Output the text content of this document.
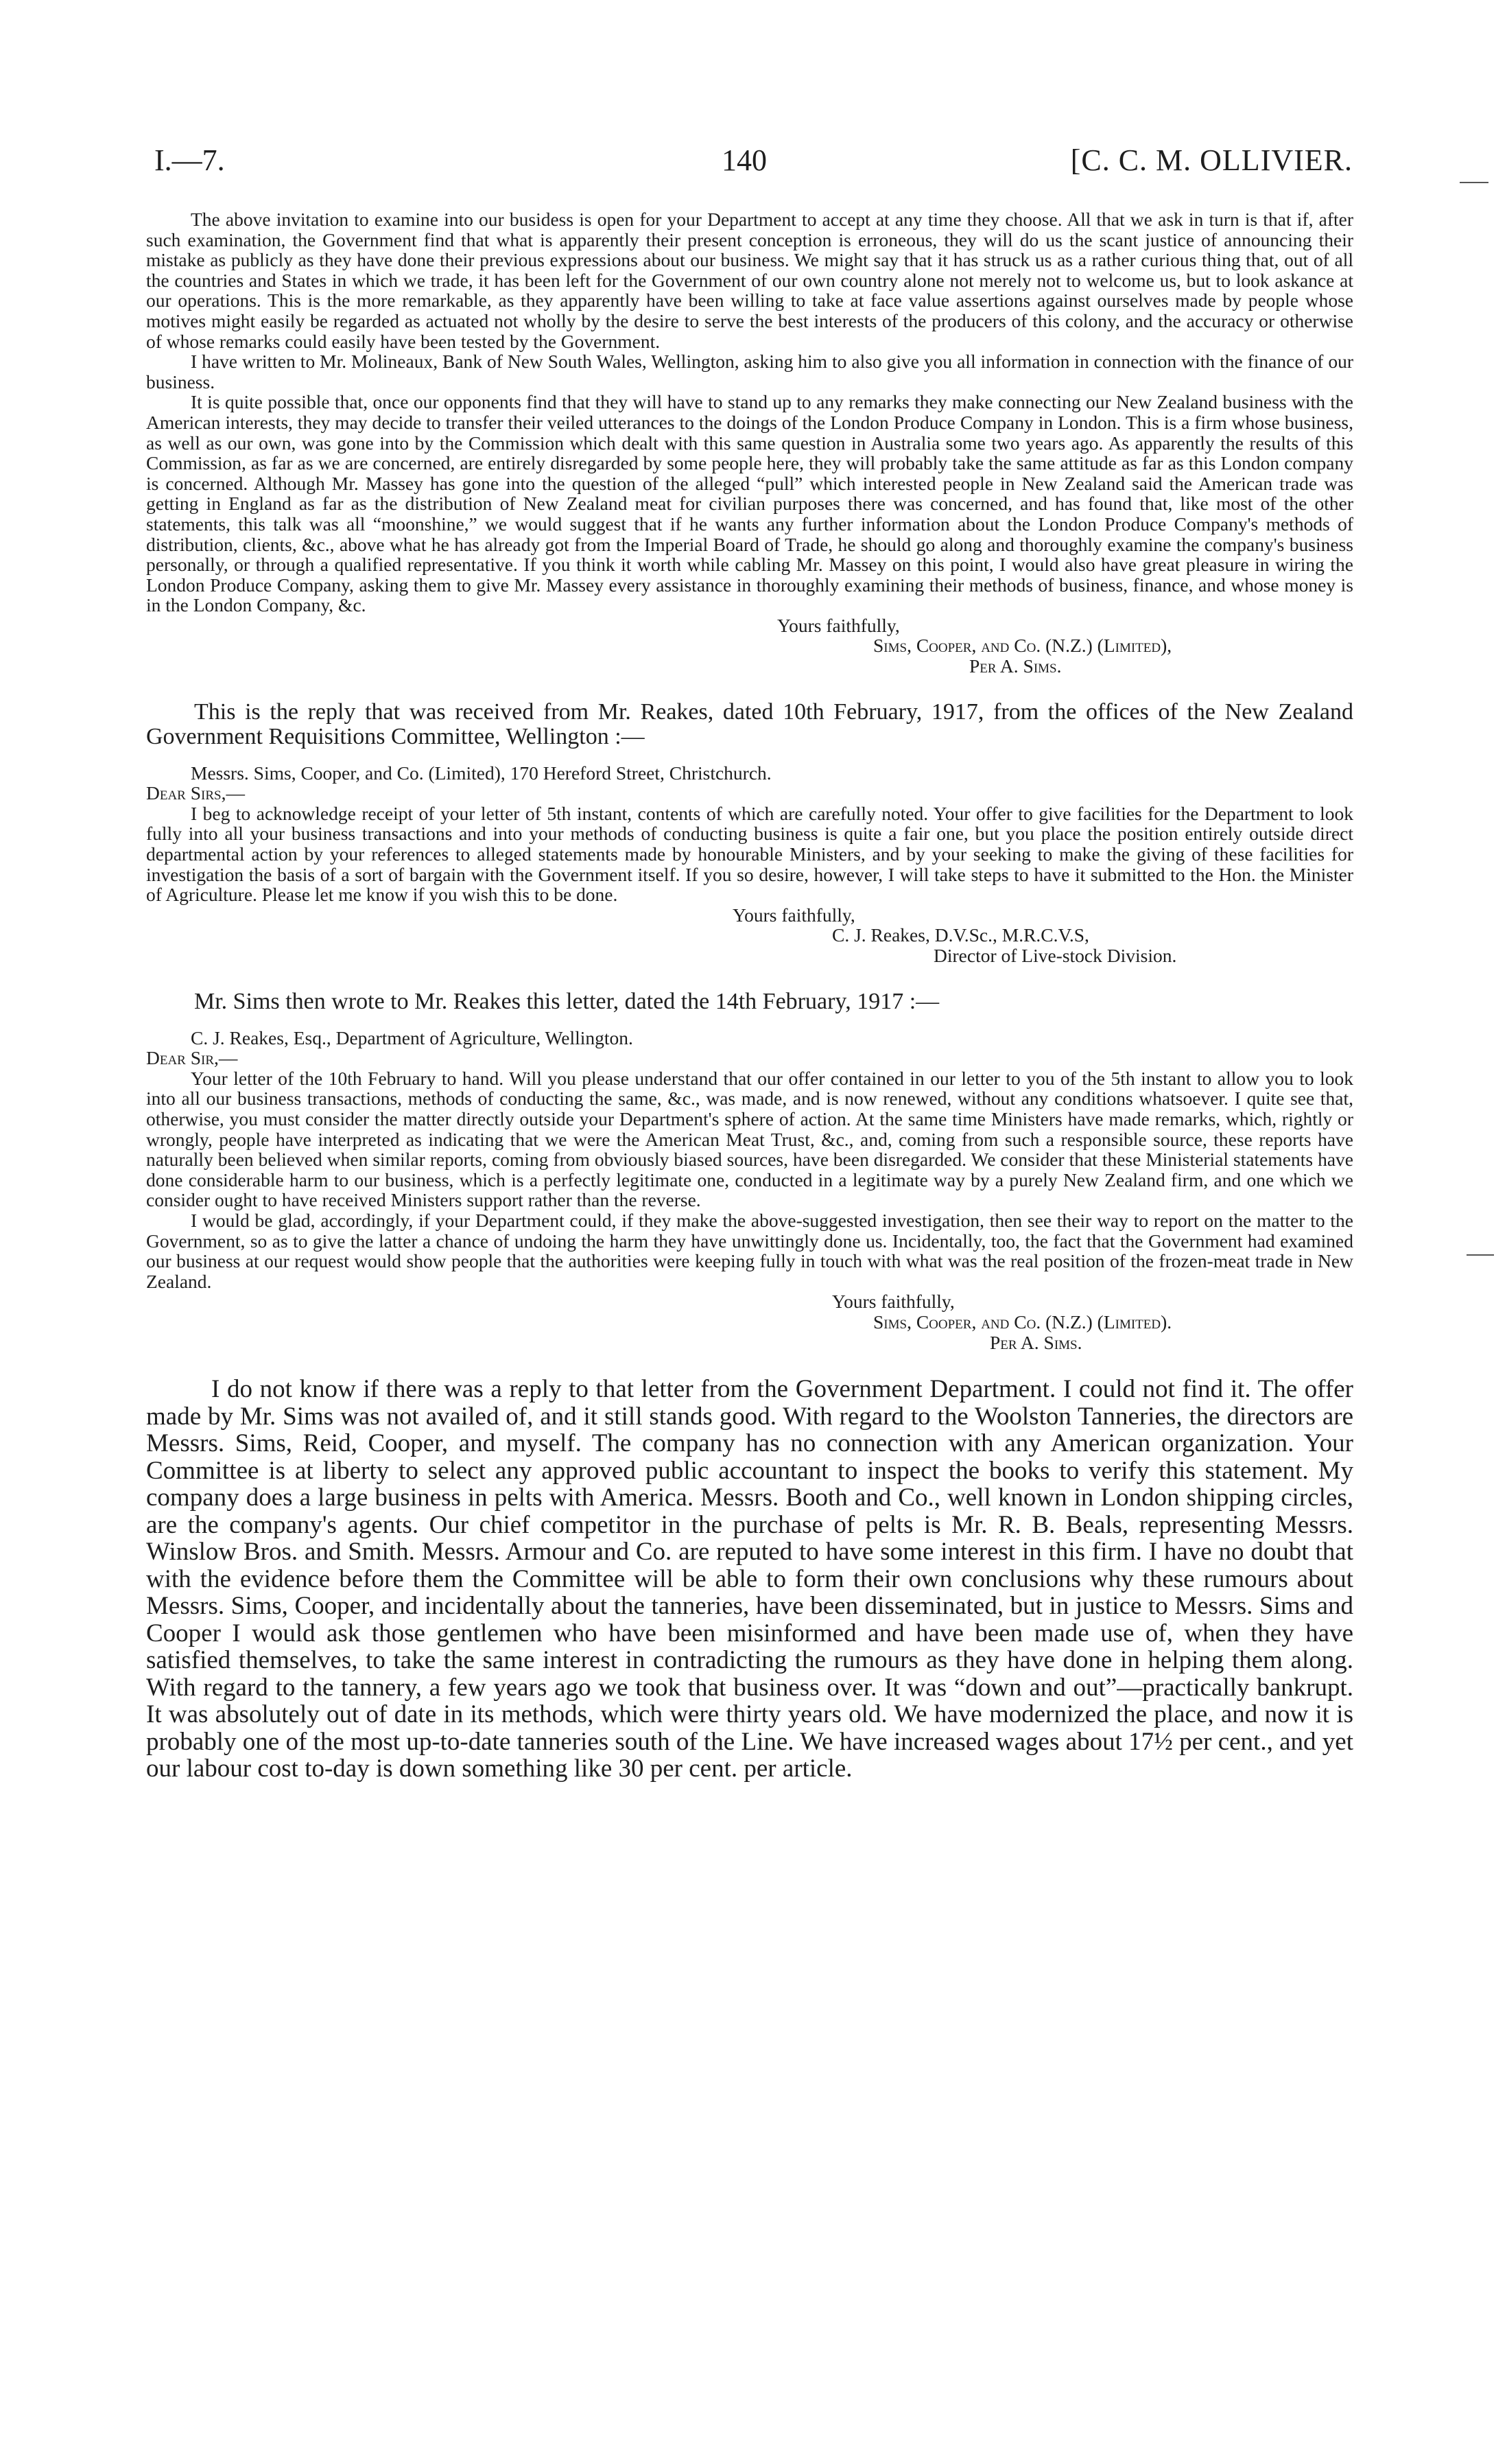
I.—7.	140	[C. C. M. OLLIVIER.

The above invitation to examine into our busidess is open for your Department to accept at any time they choose. All that we ask in turn is that if, after such examination, the Government find that what is apparently their present conception is erroneous, they will do us the scant justice of announcing their mistake as publicly as they have done their previous expressions about our business. We might say that it has struck us as a rather curious thing that, out of all the countries and States in which we trade, it has been left for the Government of our own country alone not merely not to welcome us, but to look askance at our operations. This is the more remarkable, as they apparently have been willing to take at face value assertions against ourselves made by people whose motives might easily be regarded as actuated not wholly by the desire to serve the best interests of the producers of this colony, and the accuracy or otherwise of whose remarks could easily have been tested by the Government.

I have written to Mr. Molineaux, Bank of New South Wales, Wellington, asking him to also give you all information in connection with the finance of our business.

It is quite possible that, once our opponents find that they will have to stand up to any remarks they make connecting our New Zealand business with the American interests, they may decide to transfer their veiled utterances to the doings of the London Produce Company in London. This is a firm whose business, as well as our own, was gone into by the Commission which dealt with this same question in Australia some two years ago. As apparently the results of this Commission, as far as we are concerned, are entirely disregarded by some people here, they will probably take the same attitude as far as this London company is concerned. Although Mr. Massey has gone into the question of the alleged “pull” which interested people in New Zealand said the American trade was getting in England as far as the distribution of New Zealand meat for civilian purposes there was concerned, and has found that, like most of the other statements, this talk was all “moonshine,” we would suggest that if he wants any further information about the London Produce Company's methods of distribution, clients, &c., above what he has already got from the Imperial Board of Trade, he should go along and thoroughly examine the company's business personally, or through a qualified representative. If you think it worth while cabling Mr. Massey on this point, I would also have great pleasure in wiring the London Produce Company, asking them to give Mr. Massey every assistance in thoroughly examining their methods of business, finance, and whose money is in the London Company, &c.

Yours faithfully,
Sims, Cooper, and Co. (N.Z.) (Limited),
Per A. Sims.

This is the reply that was received from Mr. Reakes, dated 10th February, 1917, from the offices of the New Zealand Government Requisitions Committee, Wellington :—

Messrs. Sims, Cooper, and Co. (Limited), 170 Hereford Street, Christchurch.
Dear Sirs,—

I beg to acknowledge receipt of your letter of 5th instant, contents of which are carefully noted. Your offer to give facilities for the Department to look fully into all your business transactions and into your methods of conducting business is quite a fair one, but you place the position entirely outside direct departmental action by your references to alleged statements made by honourable Ministers, and by your seeking to make the giving of these facilities for investigation the basis of a sort of bargain with the Government itself. If you so desire, however, I will take steps to have it submitted to the Hon. the Minister of Agriculture. Please let me know if you wish this to be done.

Yours faithfully,
C. J. Reakes, D.V.Sc., M.R.C.V.S,
Director of Live-stock Division.

Mr. Sims then wrote to Mr. Reakes this letter, dated the 14th February, 1917 :—

C. J. Reakes, Esq., Department of Agriculture, Wellington.
Dear Sir,—

Your letter of the 10th February to hand. Will you please understand that our offer contained in our letter to you of the 5th instant to allow you to look into all our business transactions, methods of conducting the same, &c., was made, and is now renewed, without any conditions whatsoever. I quite see that, otherwise, you must consider the matter directly outside your Department's sphere of action. At the same time Ministers have made remarks, which, rightly or wrongly, people have interpreted as indicating that we were the American Meat Trust, &c., and, coming from such a responsible source, these reports have naturally been believed when similar reports, coming from obviously biased sources, have been disregarded. We consider that these Ministerial statements have done considerable harm to our business, which is a perfectly legitimate one, conducted in a legitimate way by a purely New Zealand firm, and one which we consider ought to have received Ministers support rather than the reverse.

I would be glad, accordingly, if your Department could, if they make the above-suggested investigation, then see their way to report on the matter to the Government, so as to give the latter a chance of undoing the harm they have unwittingly done us. Incidentally, too, the fact that the Government had examined our business at our request would show people that the authorities were keeping fully in touch with what was the real position of the frozen-meat trade in New Zealand.

Yours faithfully,
Sims, Cooper, and Co. (N.Z.) (Limited).
Per A. Sims.

I do not know if there was a reply to that letter from the Government Department. I could not find it. The offer made by Mr. Sims was not availed of, and it still stands good. With regard to the Woolston Tanneries, the directors are Messrs. Sims, Reid, Cooper, and myself. The company has no connection with any American organization. Your Committee is at liberty to select any approved public accountant to inspect the books to verify this statement. My company does a large business in pelts with America. Messrs. Booth and Co., well known in London shipping circles, are the company's agents. Our chief competitor in the purchase of pelts is Mr. R. B. Beals, representing Messrs. Winslow Bros. and Smith. Messrs. Armour and Co. are reputed to have some interest in this firm. I have no doubt that with the evidence before them the Committee will be able to form their own conclusions why these rumours about Messrs. Sims, Cooper, and incidentally about the tanneries, have been disseminated, but in justice to Messrs. Sims and Cooper I would ask those gentlemen who have been misinformed and have been made use of, when they have satisfied themselves, to take the same interest in contradicting the rumours as they have done in helping them along. With regard to the tannery, a few years ago we took that business over. It was “down and out”—practically bankrupt. It was absolutely out of date in its methods, which were thirty years old. We have modernized the place, and now it is probably one of the most up-to-date tanneries south of the Line. We have increased wages about 17½ per cent., and yet our labour cost to-day is down something like 30 per cent. per article.
